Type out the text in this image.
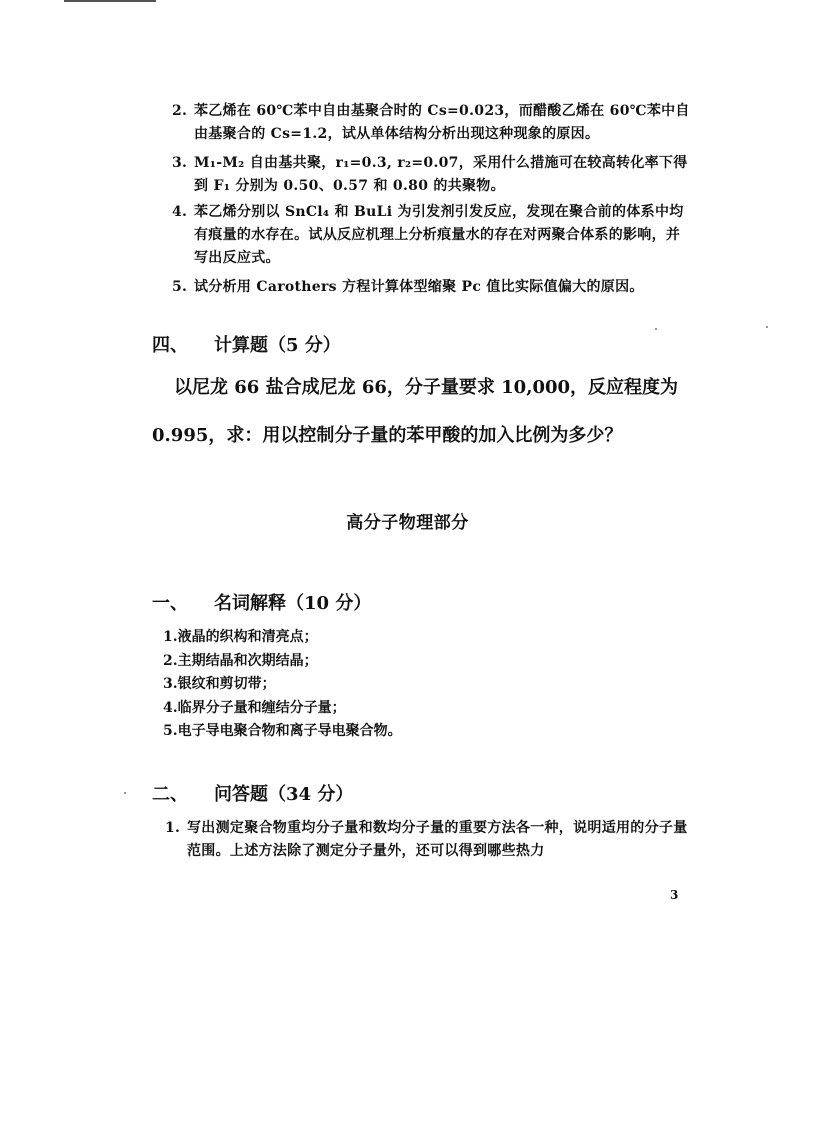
2. 苯乙烯在 60℃苯中自由基聚合时的 Cs=0.023，而醋酸乙烯在 60℃苯中自由基聚合的 Cs=1.2，试从单体结构分析出现这种现象的原因。
3. M₁-M₂ 自由基共聚，r₁=0.3, r₂=0.07，采用什么措施可在较高转化率下得到 F₁ 分别为 0.50、0.57 和 0.80 的共聚物。
4. 苯乙烯分别以 SnCl₄ 和 BuLi 为引发剂引发反应，发现在聚合前的体系中均有痕量的水存在。试从反应机理上分析痕量水的存在对两聚合体系的影响，并写出反应式。
5. 试分析用 Carothers 方程计算体型缩聚 Pc 值比实际值偏大的原因。
四、 计算题（5 分）

以尼龙 66 盐合成尼龙 66，分子量要求 10,000，反应程度为

0.995，求：用以控制分子量的苯甲酸的加入比例为多少？

高分子物理部分
一、 名词解释（10 分）
1.液晶的织构和清亮点；
2.主期结晶和次期结晶；
3.银纹和剪切带；
4.临界分子量和缠结分子量；
5.电子导电聚合物和离子导电聚合物。
二、 问答题（34 分）
1. 写出测定聚合物重均分子量和数均分子量的重要方法各一种，说明适用的分子量范围。上述方法除了测定分子量外，还可以得到哪些热力
3
